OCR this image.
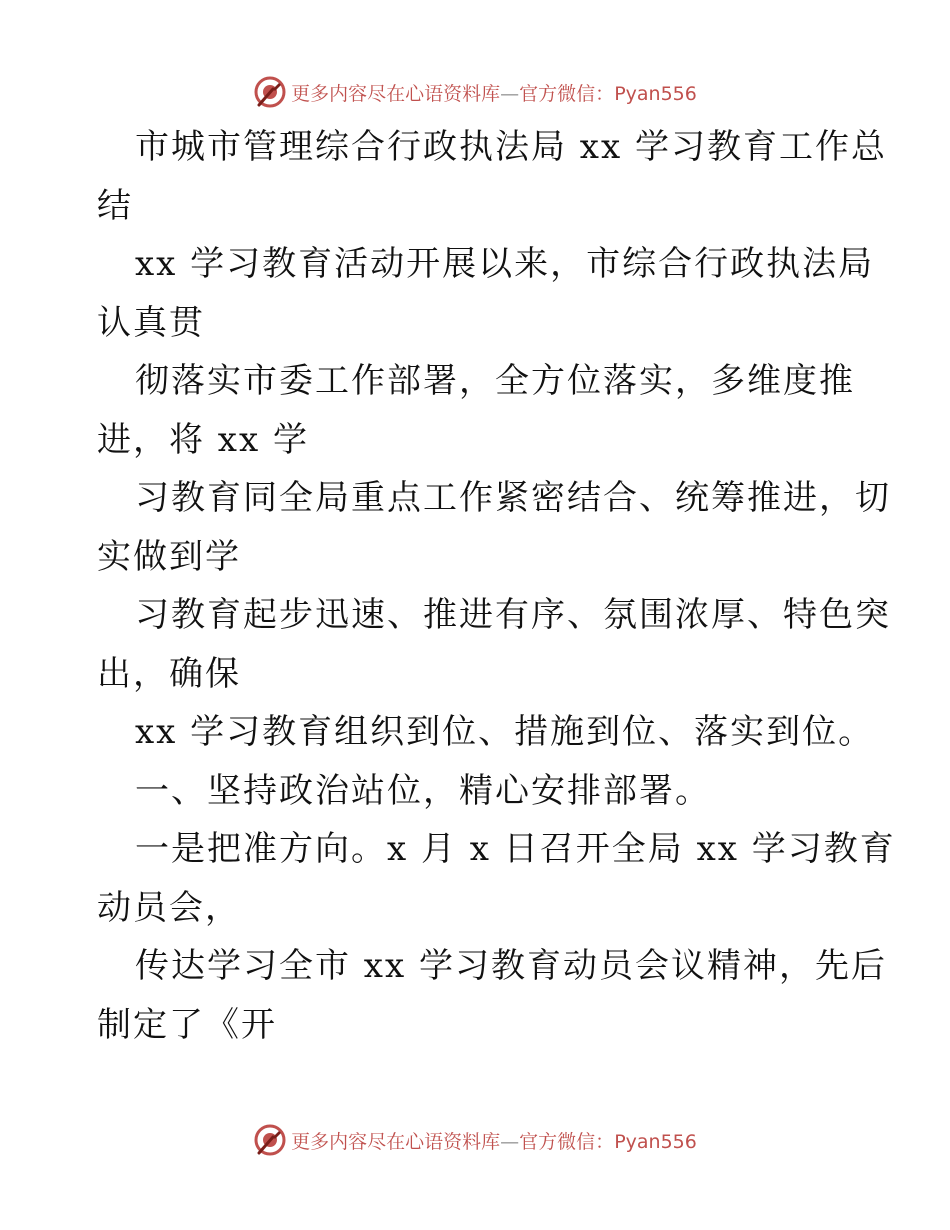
更多内容尽在心语资料库—官方微信：Pyan556

市城市管理综合行政执法局 xx 学习教育工作总
结

xx 学习教育活动开展以来，市综合行政执法局
认真贯

彻落实市委工作部署，全方位落实，多维度推
进，将 xx 学

习教育同全局重点工作紧密结合、统筹推进，切
实做到学

习教育起步迅速、推进有序、氛围浓厚、特色突
出，确保

xx 学习教育组织到位、措施到位、落实到位。

一、坚持政治站位，精心安排部署。

一是把准方向。x 月 x 日召开全局 xx 学习教育
动员会，

传达学习全市 xx 学习教育动员会议精神，先后
制定了《开

更多内容尽在心语资料库—官方微信：Pyan556
